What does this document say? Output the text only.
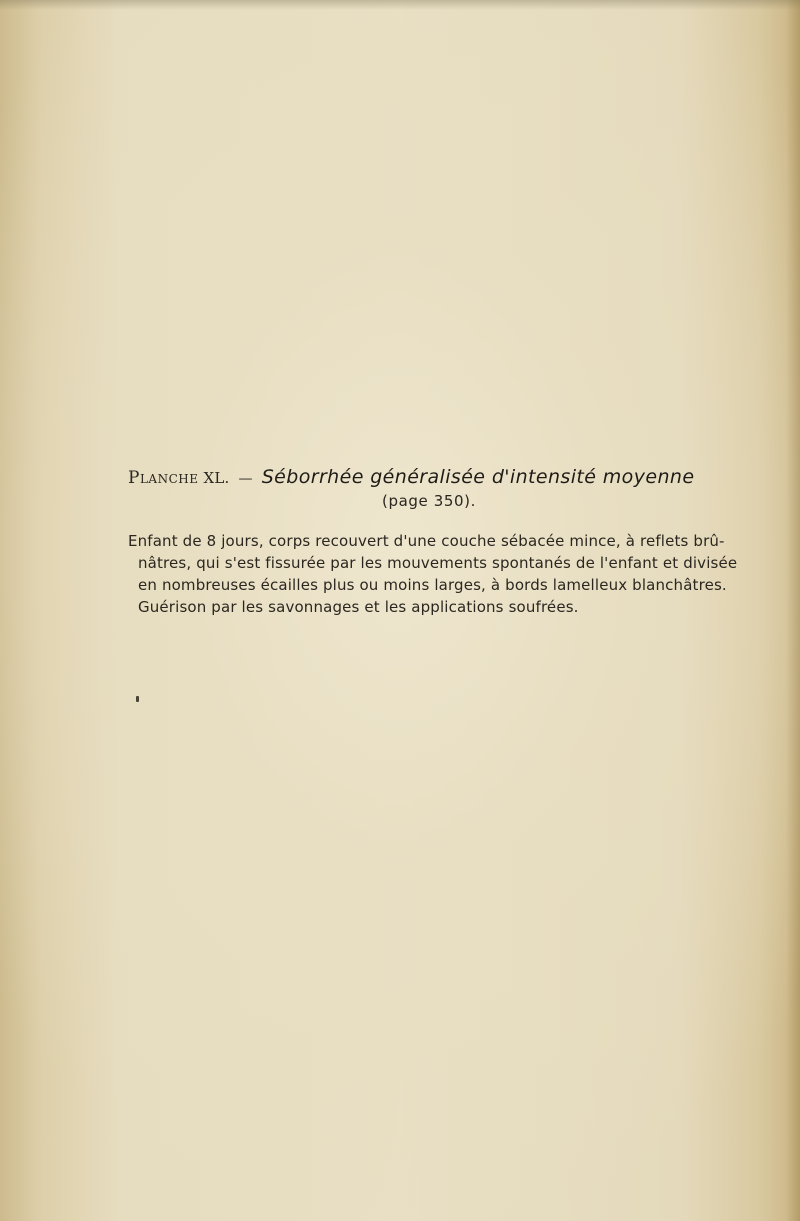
Planche XL. — Séborrhée généralisée d'intensité moyenne
(page 350).
Enfant de 8 jours, corps recouvert d'une couche sébacée mince, à reflets brû-
nâtres, qui s'est fissurée par les mouvements spontanés de l'enfant et divisée
en nombreuses écailles plus ou moins larges, à bords lamelleux blanchâtres.
Guérison par les savonnages et les applications soufrées.
